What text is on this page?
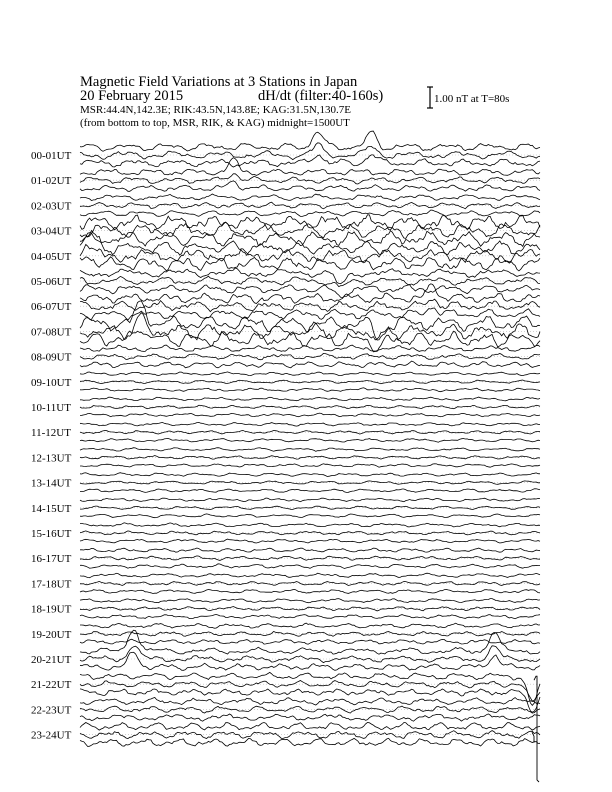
Magnetic Field Variations at 3 Stations in Japan
20 February 2015	dH/dt (filter:40-160s)
MSR:44.4N,142.3E; RIK:43.5N,143.8E; KAG:31.5N,130.7E
(from bottom to top, MSR, RIK, & KAG) midnight=1500UT
1.00 nT at T=80s
00-01UT
01-02UT
02-03UT
03-04UT
04-05UT
05-06UT
06-07UT
07-08UT
08-09UT
09-10UT
10-11UT
11-12UT
12-13UT
13-14UT
14-15UT
15-16UT
16-17UT
17-18UT
18-19UT
19-20UT
20-21UT
21-22UT
22-23UT
23-24UT
